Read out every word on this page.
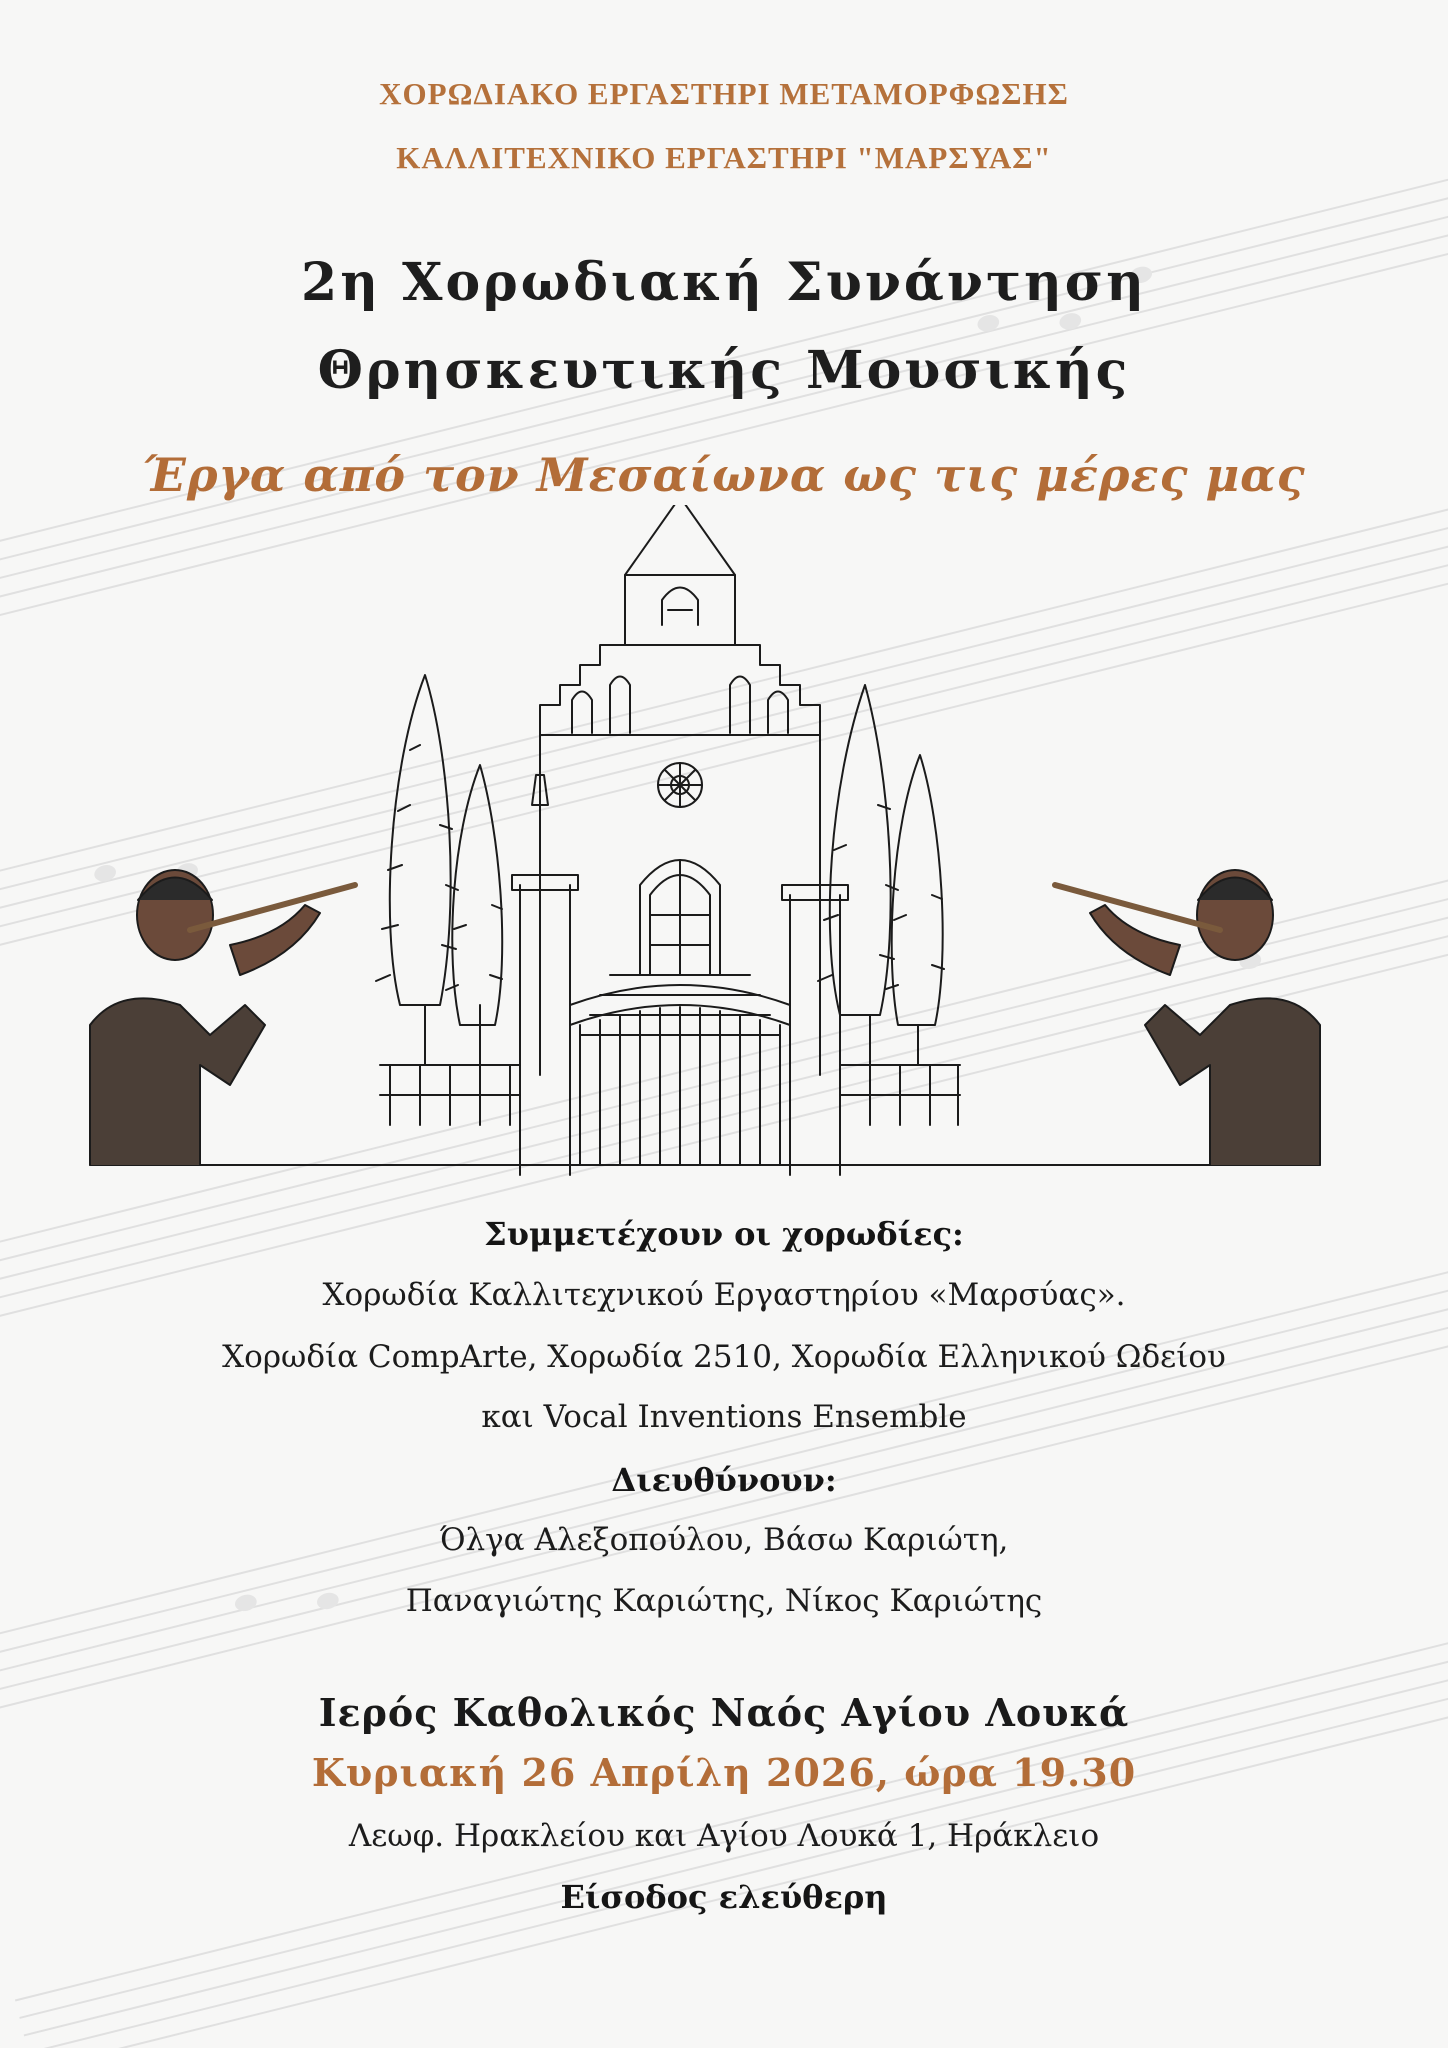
ΧΟΡΩΔΙΑΚΟ ΕΡΓΑΣΤΗΡΙ ΜΕΤΑΜΟΡΦΩΣΗΣ
ΚΑΛΛΙΤΕΧΝΙΚΟ ΕΡΓΑΣΤΗΡΙ "ΜΑΡΣΥΑΣ"
2η Χορωδιακή Συνάντηση
Θρησκευτικής Μουσικής
Έργα από τον Μεσαίωνα ως τις μέρες μας
Συμμετέχουν οι χορωδίες:
Χορωδία Καλλιτεχνικού Εργαστηρίου «Μαρσύας».
Χορωδία CompArte, Χορωδία 2510, Χορωδία Ελληνικού Ωδείου
και Vocal Inventions Ensemble
Διευθύνουν:
Όλγα Αλεξοπούλου, Βάσω Καριώτη,
Παναγιώτης Καριώτης, Νίκος Καριώτης
Ιερός Καθολικός Ναός Αγίου Λουκά
Κυριακή 26 Απρίλη 2026, ώρα 19.30
Λεωφ. Ηρακλείου και Αγίου Λουκά 1, Ηράκλειο
Είσοδος ελεύθερη
